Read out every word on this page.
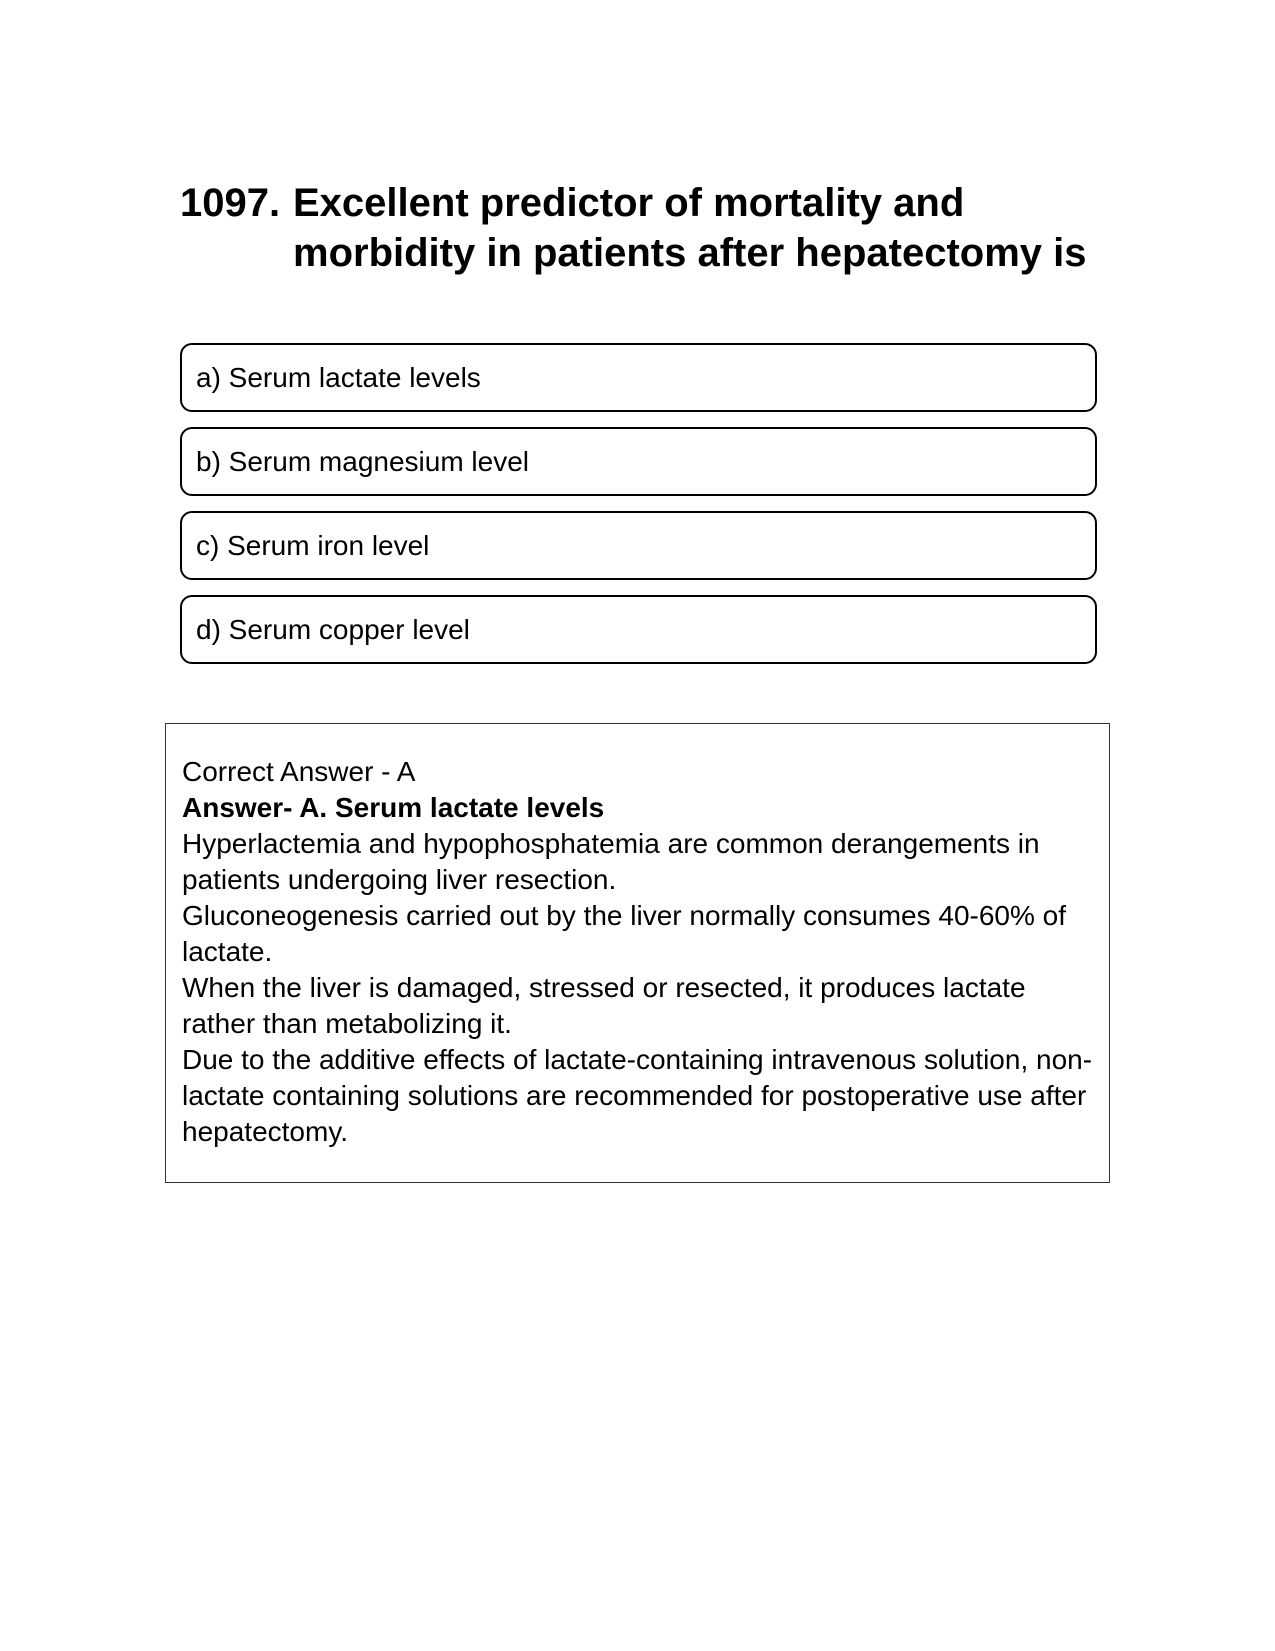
1097. Excellent predictor of mortality and morbidity in patients after hepatectomy is
a) Serum lactate levels
b) Serum magnesium level
c) Serum iron level
d) Serum copper level

Correct Answer - A

Answer- A. Serum lactate levels

Hyperlactemia and hypophosphatemia are common derangements in patients undergoing liver resection.

Gluconeogenesis carried out by the liver normally consumes 40-60% of lactate.

When the liver is damaged, stressed or resected, it produces lactate rather than metabolizing it.

Due to the additive effects of lactate-containing intravenous solution, non-lactate containing solutions are recommended for postoperative use after hepatectomy.
